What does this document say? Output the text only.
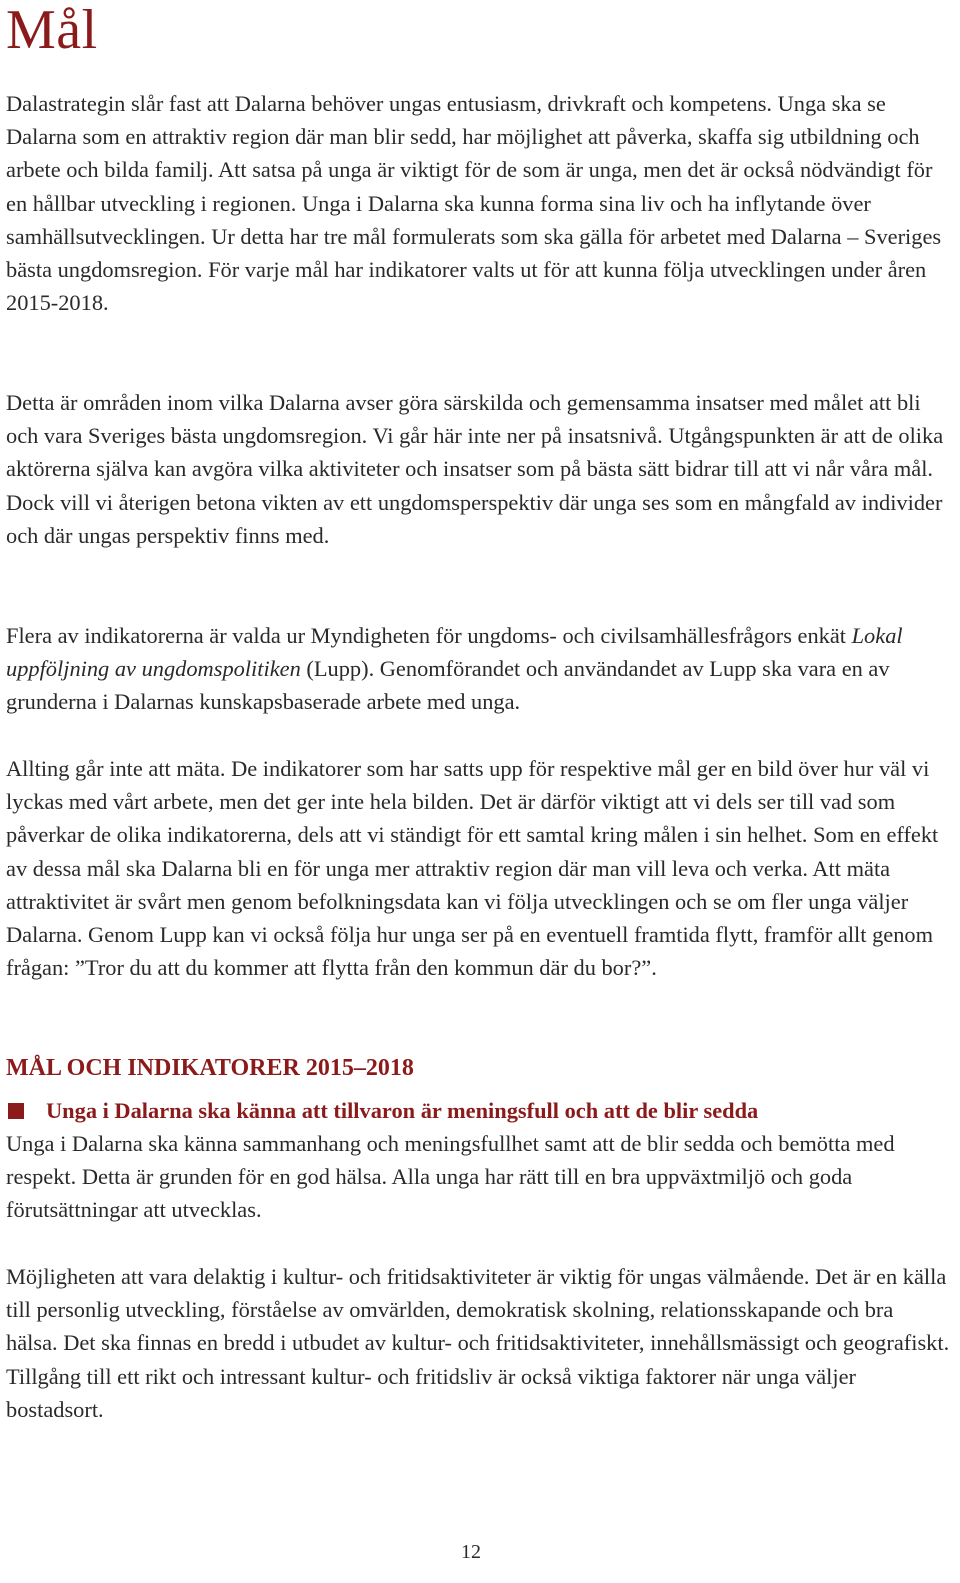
Mål

Dalastrategin slår fast att Dalarna behöver ungas entusiasm, drivkraft och kompetens. Unga ska se Dalarna som en attraktiv region där man blir sedd, har möjlighet att påverka, skaffa sig utbildning och arbete och bilda familj. Att satsa på unga är viktigt för de som är unga, men det är också nödvändigt för en hållbar utveckling i regionen. Unga i Dalarna ska kunna forma sina liv och ha inflytande över samhällsutvecklingen. Ur detta har tre mål formulerats som ska gälla för arbetet med Dalarna – Sveriges bästa ungdomsregion. För varje mål har indikatorer valts ut för att kunna följa utvecklingen under åren 2015-2018.

Detta är områden inom vilka Dalarna avser göra särskilda och gemensamma insatser med målet att bli och vara Sveriges bästa ungdomsregion. Vi går här inte ner på insatsnivå. Utgångspunkten är att de olika aktörerna själva kan avgöra vilka aktiviteter och insatser som på bästa sätt bidrar till att vi når våra mål. Dock vill vi återigen betona vikten av ett ungdomsperspektiv där unga ses som en mångfald av individer och där ungas perspektiv finns med.

Flera av indikatorerna är valda ur Myndigheten för ungdoms- och civilsamhällesfrågors enkät Lokal uppföljning av ungdomspolitiken (Lupp). Genomförandet och användandet av Lupp ska vara en av grunderna i Dalarnas kunskapsbaserade arbete med unga.

Allting går inte att mäta. De indikatorer som har satts upp för respektive mål ger en bild över hur väl vi lyckas med vårt arbete, men det ger inte hela bilden. Det är därför viktigt att vi dels ser till vad som påverkar de olika indikatorerna, dels att vi ständigt för ett samtal kring målen i sin helhet. Som en effekt av dessa mål ska Dalarna bli en för unga mer attraktiv region där man vill leva och verka. Att mäta attraktivitet är svårt men genom befolkningsdata kan vi följa utvecklingen och se om fler unga väljer Dalarna. Genom Lupp kan vi också följa hur unga ser på en eventuell framtida flytt, framför allt genom frågan: ”Tror du att du kommer att flytta från den kommun där du bor?”.

MÅL OCH INDIKATORER 2015–2018
Unga i Dalarna ska känna att tillvaron är meningsfull och att de blir sedda

Unga i Dalarna ska känna sammanhang och meningsfullhet samt att de blir sedda och bemötta med respekt. Detta är grunden för en god hälsa. Alla unga har rätt till en bra uppväxtmiljö och goda förutsättningar att utvecklas.

Möjligheten att vara delaktig i kultur- och fritidsaktiviteter är viktig för ungas välmående. Det är en källa till personlig utveckling, förståelse av omvärlden, demokratisk skolning, relationsskapande och bra hälsa. Det ska finnas en bredd i utbudet av kultur- och fritidsaktiviteter, innehållsmässigt och geografiskt. Tillgång till ett rikt och intressant kultur- och fritidsliv är också viktiga faktorer när unga väljer bostadsort.

12
